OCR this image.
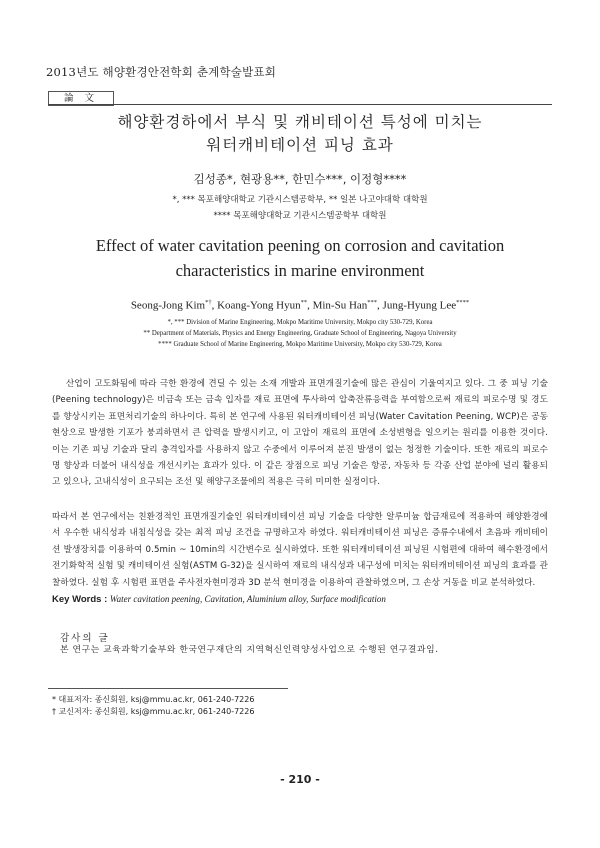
2013년도 해양환경안전학회 춘계학술발표회
論 文
해양환경하에서 부식 및 캐비테이션 특성에 미치는
워터캐비테이션 피닝 효과
김성종*, 현광용**, 한민수***, 이정형****
*, *** 목포해양대학교 기관시스템공학부, ** 일본 나고야대학 대학원
**** 목포해양대학교 기관시스템공학부 대학원
Effect of water cavitation peening on corrosion and cavitation
characteristics in marine environment
Seong-Jong Kim*†, Koang-Yong Hyun**, Min-Su Han***, Jung-Hyung Lee****
*, *** Division of Marine Engineering, Mokpo Maritime University, Mokpo city 530-729, Korea
** Department of Materials, Physics and Energy Engineering, Graduate School of Engineering, Nagoya University
**** Graduate School of Marine Engineering, Mokpo Maritime University, Mokpo city 530-729, Korea
산업이 고도화됨에 따라 극한 환경에 견딜 수 있는 소재 개발과 표면개질기술에 많은 관심이 기울여지고 있다. 그 중 피닝 기술(Peening technology)은 비금속 또는 금속 입자를 재료 표면에 투사하여 압축잔류응력을 부여함으로써 재료의 피로수명 및 경도를 향상시키는 표면처리기술의 하나이다. 특히 본 연구에 사용된 워터캐비테이션 피닝(Water Cavitation Peening, WCP)은 공동현상으로 발생한 기포가 붕괴하면서 큰 압력을 발생시키고, 이 고압이 재료의 표면에 소성변형을 일으키는 원리를 이용한 것이다. 이는 기존 피닝 기술과 달리 충격입자를 사용하지 않고 수중에서 이루어져 분진 발생이 없는 청정한 기술이다. 또한 재료의 피로수명 향상과 더불어 내식성을 개선시키는 효과가 있다. 이 같은 장점으로 피닝 기술은 항공, 자동차 등 각종 산업 분야에 널리 활용되고 있으나, 고내식성이 요구되는 조선 및 해양구조물에의 적용은 극히 미미한 실정이다.
따라서 본 연구에서는 친환경적인 표면개질기술인 워터캐비테이션 피닝 기술을 다양한 알루미늄 합금재료에 적용하여 해양환경에서 우수한 내식성과 내침식성을 갖는 최적 피닝 조건을 규명하고자 하였다. 워터캐비테이션 피닝은 증류수내에서 초음파 캐비테이션 발생장치를 이용하여 0.5min ~ 10min의 시간변수로 실시하였다. 또한 워터캐비테이션 피닝된 시험편에 대하여 해수환경에서 전기화학적 실험 및 캐비테이션 실험(ASTM G-32)을 실시하여 재료의 내식성과 내구성에 미치는 워터캐비테이션 피닝의 효과를 관찰하였다. 실험 후 시험편 표면을 주사전자현미경과 3D 분석 현미경을 이용하여 관찰하였으며, 그 손상 거동을 비교 분석하였다.
Key Words : Water cavitation peening, Cavitation, Aluminium alloy, Surface modification
감사의 글
본 연구는 교육과학기술부와 한국연구재단의 지역혁신인력양성사업으로 수행된 연구결과임.
* 대표저자: 종신회원, ksj@mmu.ac.kr, 061-240-7226
† 교신저자: 종신회원, ksj@mmu.ac.kr, 061-240-7226
- 210 -
